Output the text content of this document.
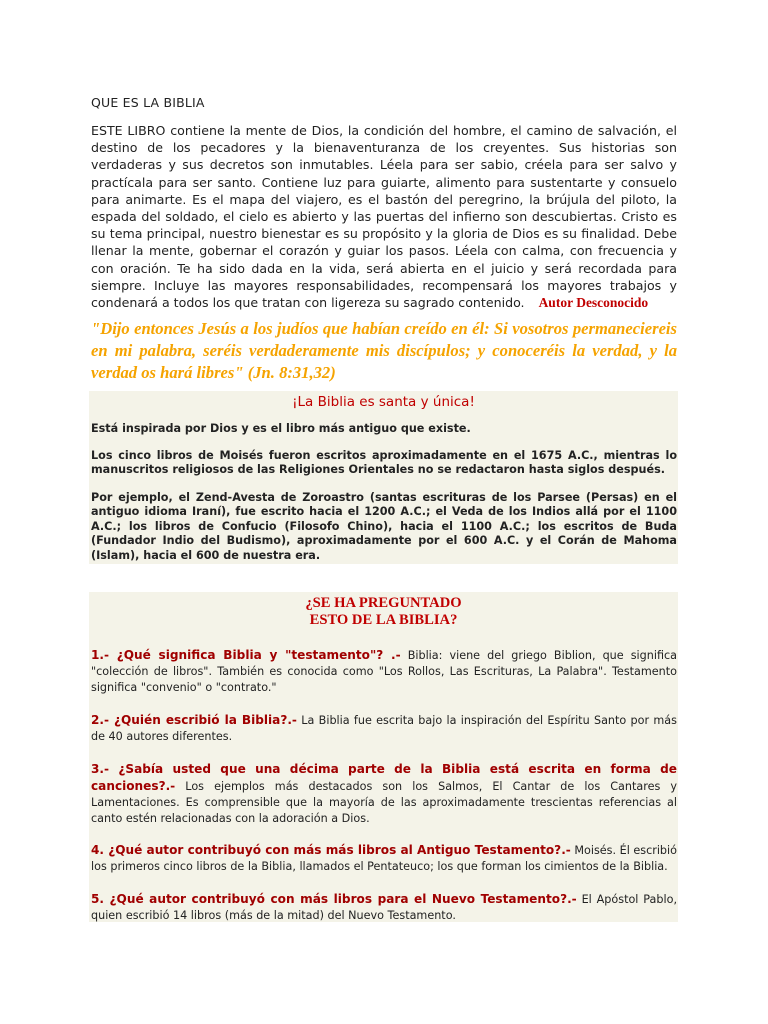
QUE ES LA BIBLIA

ESTE LIBRO contiene la mente de Dios, la condición del hombre, el camino de salvación, el destino de los pecadores y la bienaventuranza de los creyentes. Sus historias son verdaderas y sus decretos son inmutables. Léela para ser sabio, créela para ser salvo y practícala para ser santo. Contiene luz para guiarte, alimento para sustentarte y consuelo para animarte. Es el mapa del viajero, es el bastón del peregrino, la brújula del piloto, la espada del soldado, el cielo es abierto y las puertas del infierno son descubiertas. Cristo es su tema principal, nuestro bienestar es su propósito y la gloria de Dios es su finalidad. Debe llenar la mente, gobernar el corazón y guiar los pasos. Léela con calma, con frecuencia y con oración. Te ha sido dada en la vida, será abierta en el juicio y será recordada para siempre. Incluye las mayores responsabilidades, recompensará los mayores trabajos y condenará a todos los que tratan con ligereza su sagrado contenido. Autor Desconocido

"Dijo entonces Jesús a los judíos que habían creído en él: Si vosotros permaneciereis en mi palabra, seréis verdaderamente mis discípulos; y conoceréis la verdad, y la verdad os hará libres" (Jn. 8:31,32)

¡La Biblia es santa y única!

Está inspirada por Dios y es el libro más antiguo que existe.

Los cinco libros de Moisés fueron escritos aproximadamente en el 1675 A.C., mientras lo manuscritos religiosos de las Religiones Orientales no se redactaron hasta siglos después.

Por ejemplo, el Zend-Avesta de Zoroastro (santas escrituras de los Parsee (Persas) en el antiguo idioma Iraní), fue escrito hacia el 1200 A.C.; el Veda de los Indios allá por el 1100 A.C.; los libros de Confucio (Filosofo Chino), hacia el 1100 A.C.; los escritos de Buda (Fundador Indio del Budismo), aproximadamente por el 600 A.C. y el Corán de Mahoma (Islam), hacia el 600 de nuestra era.

¿SE HA PREGUNTADO
ESTO DE LA BIBLIA?

1.- ¿Qué significa Biblia y "testamento"? .- Biblia: viene del griego Biblion, que significa "colección de libros". También es conocida como "Los Rollos, Las Escrituras, La Palabra". Testamento significa "convenio" o "contrato."

2.- ¿Quién escribió la Biblia?.- La Biblia fue escrita bajo la inspiración del Espíritu Santo por más de 40 autores diferentes.

3.- ¿Sabía usted que una décima parte de la Biblia está escrita en forma de canciones?.- Los ejemplos más destacados son los Salmos, El Cantar de los Cantares y Lamentaciones. Es comprensible que la mayoría de las aproximadamente trescientas referencias al canto estén relacionadas con la adoración a Dios.

4. ¿Qué autor contribuyó con más más libros al Antiguo Testamento?.- Moisés. Él escribió los primeros cinco libros de la Biblia, llamados el Pentateuco; los que forman los cimientos de la Biblia.

5. ¿Qué autor contribuyó con más libros para el Nuevo Testamento?.- El Apóstol Pablo, quien escribió 14 libros (más de la mitad) del Nuevo Testamento.
